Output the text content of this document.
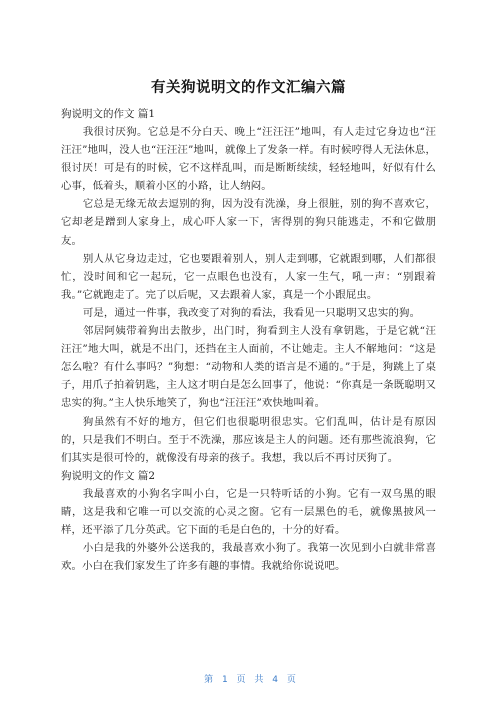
有关狗说明文的作文汇编六篇

狗说明文的作文 篇1

我很讨厌狗。它总是不分白天、晚上“汪汪汪”地叫，有人走过它身边也“汪汪汪”地叫，没人也“汪汪汪”地叫，就像上了发条一样。有时候哼得人无法休息，很讨厌！可是有的时候，它不这样乱叫，而是断断续续，轻轻地叫，好似有什么心事，低着头，顺着小区的小路，让人纳闷。

它总是无缘无故去逗别的狗，因为没有洗澡，身上很脏，别的狗不喜欢它，它却老是蹭到人家身上，成心吓人家一下，害得别的狗只能逃走，不和它做朋友。

别人从它身边走过，它也要跟着别人，别人走到哪，它就跟到哪，人们都很忙，没时间和它一起玩，它一点眼色也没有，人家一生气，吼一声：“别跟着我。”它就跑走了。完了以后呢，又去跟着人家，真是一个小跟屁虫。

可是，通过一件事，我改变了对狗的看法，我看见一只聪明又忠实的狗。

邻居阿姨带着狗出去散步，出门时，狗看到主人没有拿钥匙，于是它就“汪汪汪”地大叫，就是不出门，还挡在主人面前，不让她走。主人不解地问：“这是怎么啦？有什么事吗？”狗想：“动物和人类的语言是不通的。”于是，狗跳上了桌子，用爪子拍着钥匙，主人这才明白是怎么回事了，他说：“你真是一条既聪明又忠实的狗。”主人快乐地笑了，狗也“汪汪汪”欢快地叫着。

狗虽然有不好的地方，但它们也很聪明很忠实。它们乱叫，估计是有原因的，只是我们不明白。至于不洗澡，那应该是主人的问题。还有那些流浪狗，它们其实是很可怜的，就像没有母亲的孩子。我想，我以后不再讨厌狗了。

狗说明文的作文 篇2

我最喜欢的小狗名字叫小白，它是一只特听话的小狗。它有一双乌黑的眼睛，这是我和它唯一可以交流的心灵之窗。它有一层黑色的毛，就像黑披风一样，还平添了几分英武。它下面的毛是白色的，十分的好看。

小白是我的外婆外公送我的，我最喜欢小狗了。我第一次见到小白就非常喜欢。小白在我们家发生了许多有趣的事情。我就给你说说吧。

第 1 页 共 4 页
